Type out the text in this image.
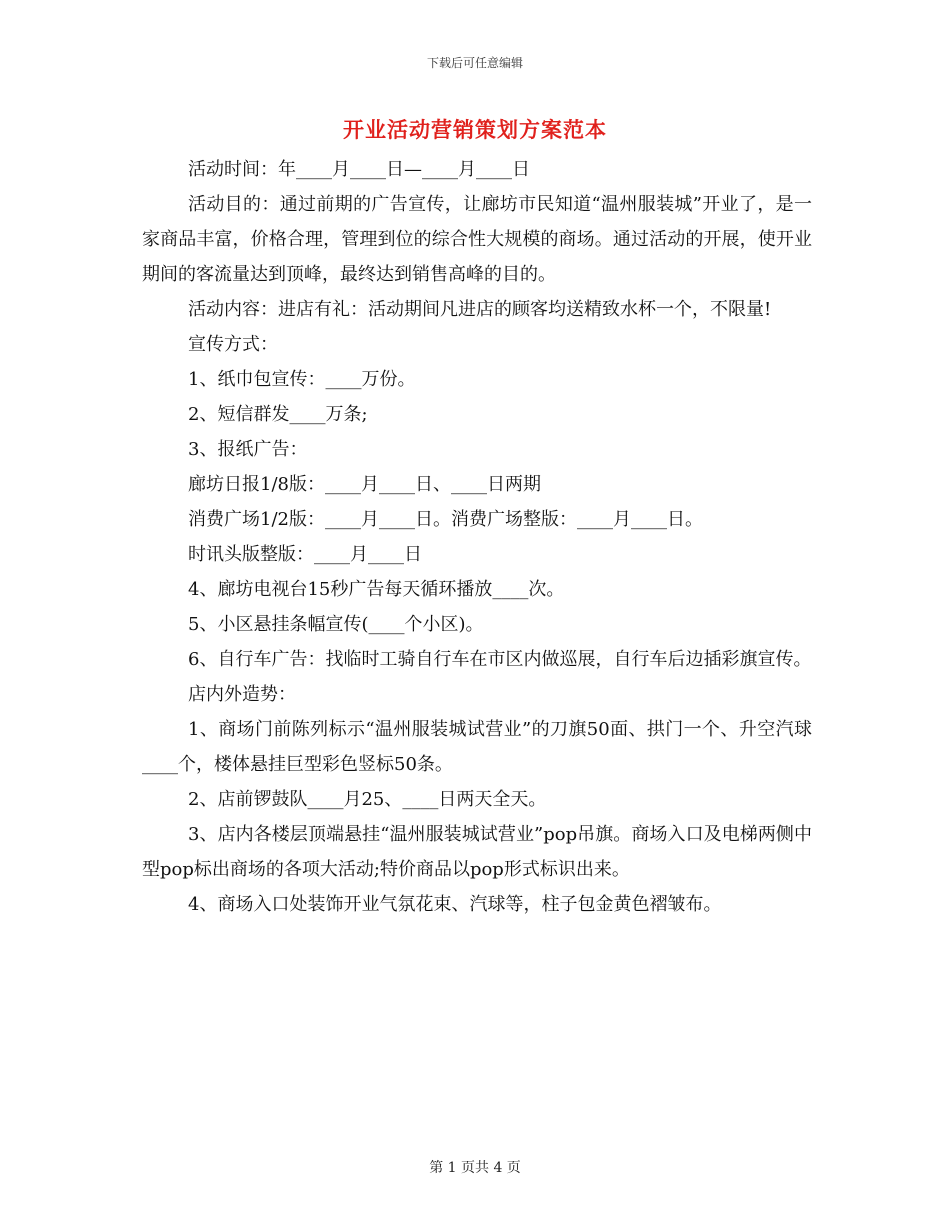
下载后可任意编辑
开业活动营销策划方案范本

活动时间：年____月____日—____月____日

活动目的：通过前期的广告宣传，让廊坊市民知道“温州服装城”开业了，是一家商品丰富，价格合理，管理到位的综合性大规模的商场。通过活动的开展，使开业期间的客流量达到顶峰，最终达到销售高峰的目的。

活动内容：进店有礼：活动期间凡进店的顾客均送精致水杯一个，不限量!

宣传方式：

1、纸巾包宣传：____万份。

2、短信群发____万条;

3、报纸广告：

廊坊日报1/8版：____月____日、____日两期

消费广场1/2版：____月____日。消费广场整版：____月____日。

时讯头版整版：____月____日

4、廊坊电视台15秒广告每天循环播放____次。

5、小区悬挂条幅宣传(____个小区)。

6、自行车广告：找临时工骑自行车在市区内做巡展，自行车后边插彩旗宣传。

店内外造势：

1、商场门前陈列标示“温州服装城试营业”的刀旗50面、拱门一个、升空汽球____个，楼体悬挂巨型彩色竖标50条。

2、店前锣鼓队____月25、____日两天全天。

3、店内各楼层顶端悬挂“温州服装城试营业”pop吊旗。商场入口及电梯两侧中型pop标出商场的各项大活动;特价商品以pop形式标识出来。

4、商场入口处装饰开业气氛花束、汽球等，柱子包金黄色褶皱布。

第 1 页共 4 页
